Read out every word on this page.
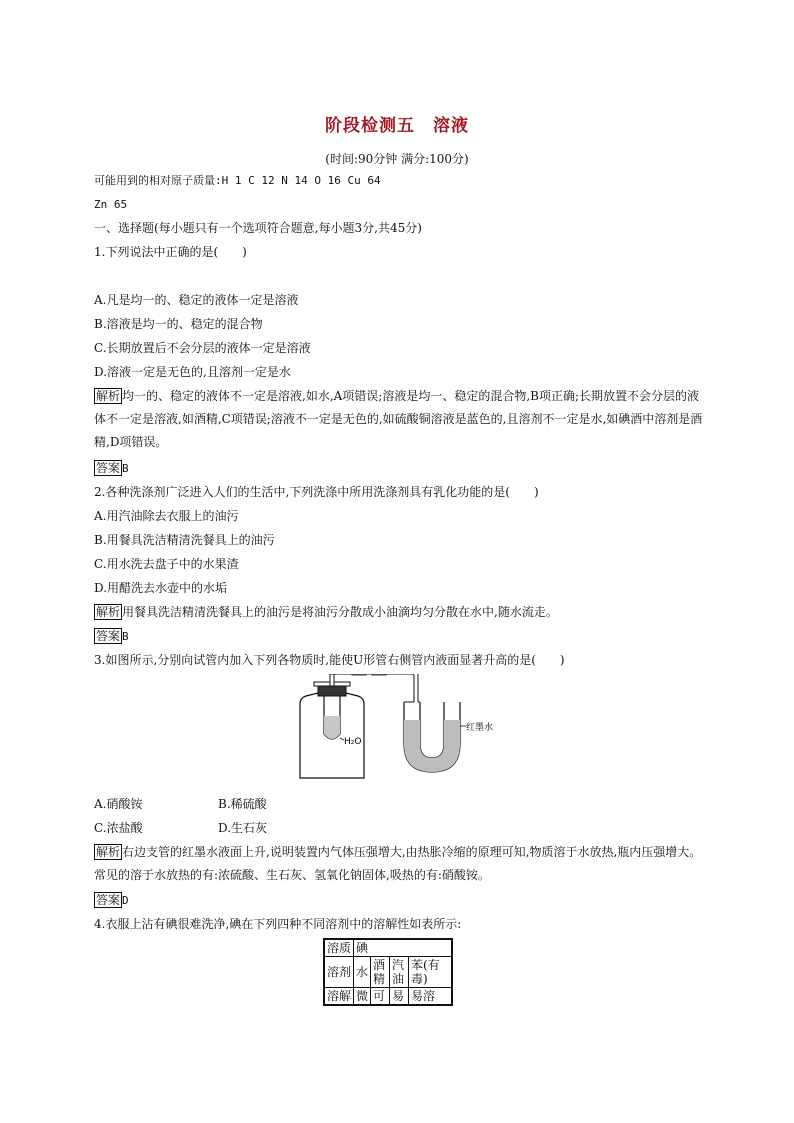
阶段检测五 溶液
(时间:90分钟 满分:100分)
可能用到的相对原子质量:H 1 C 12 N 14 O 16 Cu 64
Zn 65
一、选择题(每小题只有一个选项符合题意,每小题3分,共45分)
1.下列说法中正确的是(　　)
A.凡是均一的、稳定的液体一定是溶液
B.溶液是均一的、稳定的混合物
C.长期放置后不会分层的液体一定是溶液
D.溶液一定是无色的,且溶剂一定是水
解析 均一的、稳定的液体不一定是溶液,如水,A项错误;溶液是均一、稳定的混合物,B项正确;长期放置不会分层的液体不一定是溶液,如酒精,C项错误;溶液不一定是无色的,如硫酸铜溶液是蓝色的,且溶剂不一定是水,如碘酒中溶剂是酒精,D项错误。
答案 B
2.各种洗涤剂广泛进入人们的生活中,下列洗涤中所用洗涤剂具有乳化功能的是(　　)
A.用汽油除去衣服上的油污
B.用餐具洗洁精清洗餐具上的油污
C.用水洗去盘子中的水果渣
D.用醋洗去水壶中的水垢
解析 用餐具洗洁精清洗餐具上的油污是将油污分散成小油滴均匀分散在水中,随水流走。
答案 B
3.如图所示,分别向试管内加入下列各物质时,能使U形管右侧管内液面显著升高的是(　　)
H₂O
红墨水
A.硝酸铵	B.稀硫酸
C.浓盐酸	D.生石灰
解析 右边支管的红墨水液面上升,说明装置内气体压强增大,由热胀冷缩的原理可知,物质溶于水放热,瓶内压强增大。常见的溶于水放热的有:浓硫酸、生石灰、氢氧化钠固体,吸热的有:硝酸铵。
答案 D
4.衣服上沾有碘很难洗净,碘在下列四种不同溶剂中的溶解性如表所示:
溶质	碘			
溶剂	水	酒精	汽油	苯(有毒)
溶解	微	可	易	易溶
